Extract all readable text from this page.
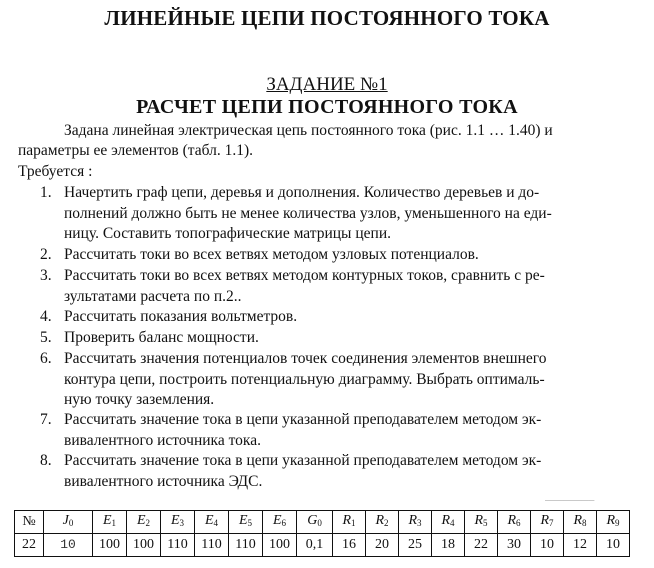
ЛИНЕЙНЫЕ ЦЕПИ ПОСТОЯННОГО ТОКА
ЗАДАНИЕ №1
РАСЧЕТ ЦЕПИ ПОСТОЯННОГО ТОКА
Задана линейная электрическая цепь постоянного тока (рис. 1.1 … 1.40) и
параметры ее элементов (табл. 1.1).
Требуется :
1. Начертить граф цепи, деревья и дополнения. Количество деревьев и до-
полнений должно быть не менее количества узлов, уменьшенного на еди-
ницу. Составить топографические матрицы цепи.
2. Рассчитать токи во всех ветвях методом узловых потенциалов.
3. Рассчитать токи во всех ветвях методом контурных токов, сравнить с ре-
зультатами расчета по п.2..
4. Рассчитать показания вольтметров.
5. Проверить баланс мощности.
6. Рассчитать значения потенциалов точек соединения элементов внешнего
контура цепи, построить потенциальную диаграмму. Выбрать оптималь-
ную точку заземления.
7. Рассчитать значение тока в цепи указанной преподавателем методом эк-
вивалентного источника тока.
8. Рассчитать значение тока в цепи указанной преподавателем методом эк-
вивалентного источника ЭДС.
▔▔▔▔▔▔▔▔
№	$J_0$	$E_1$	$E_2$	$E_3$	$E_4$	$E_5$	$E_6$	$G_0$	$R_1$	$R_2$	$R_3$	$R_4$	$R_5$	$R_6$	$R_7$	$R_8$	$R_9$
22	10	100	100	110	110	110	100	0,1	16	20	25	18	22	30	10	12	10
